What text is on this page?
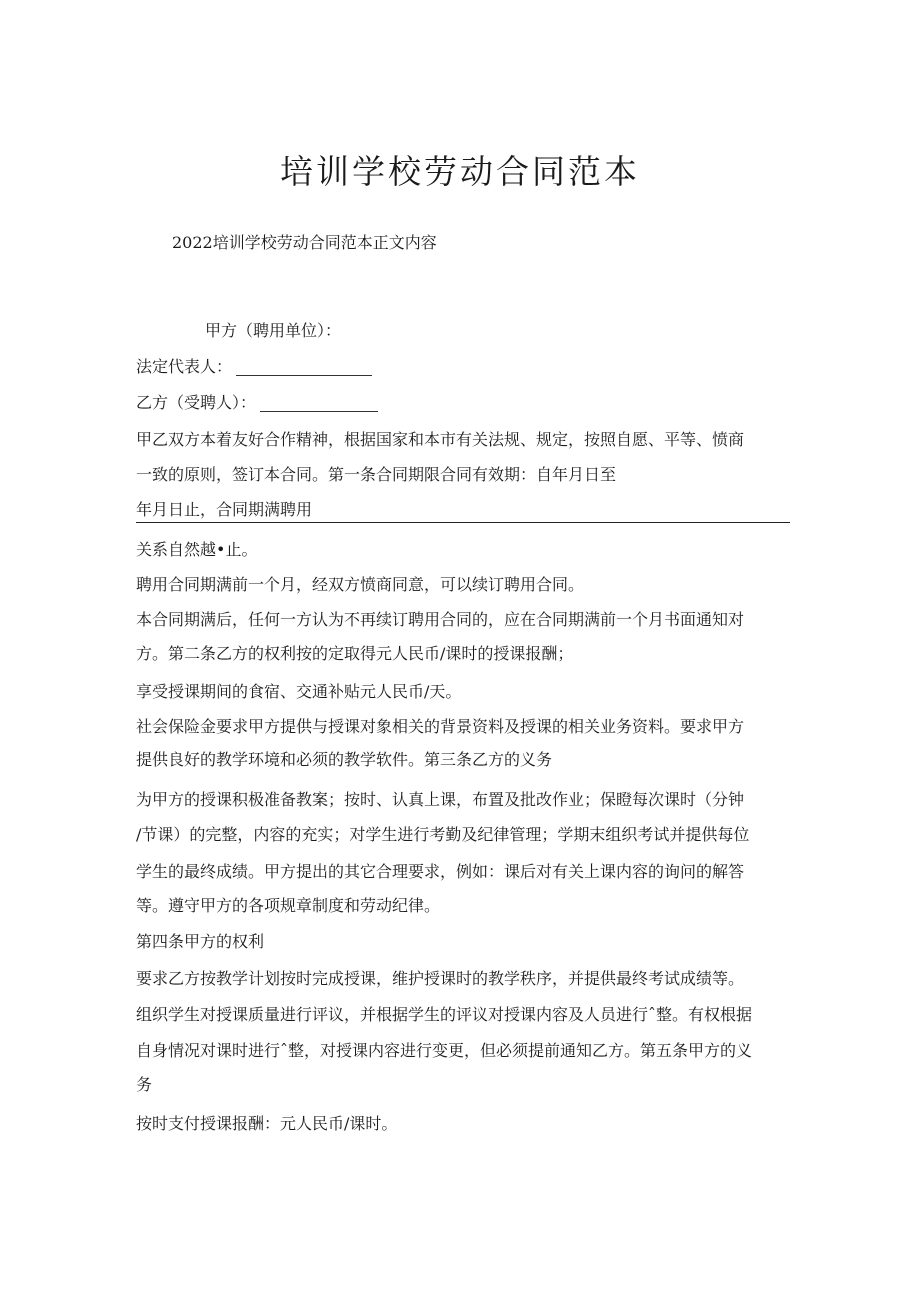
培训学校劳动合同范本
2022培训学校劳动合同范本正文内容
甲方（聘用单位）：
法定代表人：
乙方（受聘人）：
甲乙双方本着友好合作精神，根据国家和本市有关法规、规定，按照自愿、平等、愤商
一致的原则，签订本合同。第一条合同期限合同有效期：自年月日至
年月日止，合同期满聘用
关系自然越•止。
聘用合同期满前一个月，经双方愤商同意，可以续订聘用合同。
本合同期满后，任何一方认为不再续订聘用合同的，应在合同期满前一个月书面通知对
方。第二条乙方的权利按的定取得元人民币/课时的授课报酬；
享受授课期间的食宿、交通补贴元人民币/天。
社会保险金要求甲方提供与授课对象相关的背景资料及授课的相关业务资料。要求甲方
提供良好的教学环境和必须的教学软件。第三条乙方的义务
为甲方的授课积极准备教案；按时、认真上课，布置及批改作业；保瞪每次课时（分钟
/节课）的完整，内容的充实；对学生进行考勤及纪律管理；学期末组织考试并提供每位
学生的最终成绩。甲方提出的其它合理要求，例如：课后对有关上课内容的询问的解答
等。遵守甲方的各项规章制度和劳动纪律。
第四条甲方的权利
要求乙方按教学计划按时完成授课，维护授课时的教学秩序，并提供最终考试成绩等。
组织学生对授课质量进行评议，并根据学生的评议对授课内容及人员进行ˆ整。有权根据
自身情况对课时进行ˆ整，对授课内容进行变更，但必须提前通知乙方。第五条甲方的义
务
按时支付授课报酬：元人民币/课时。
